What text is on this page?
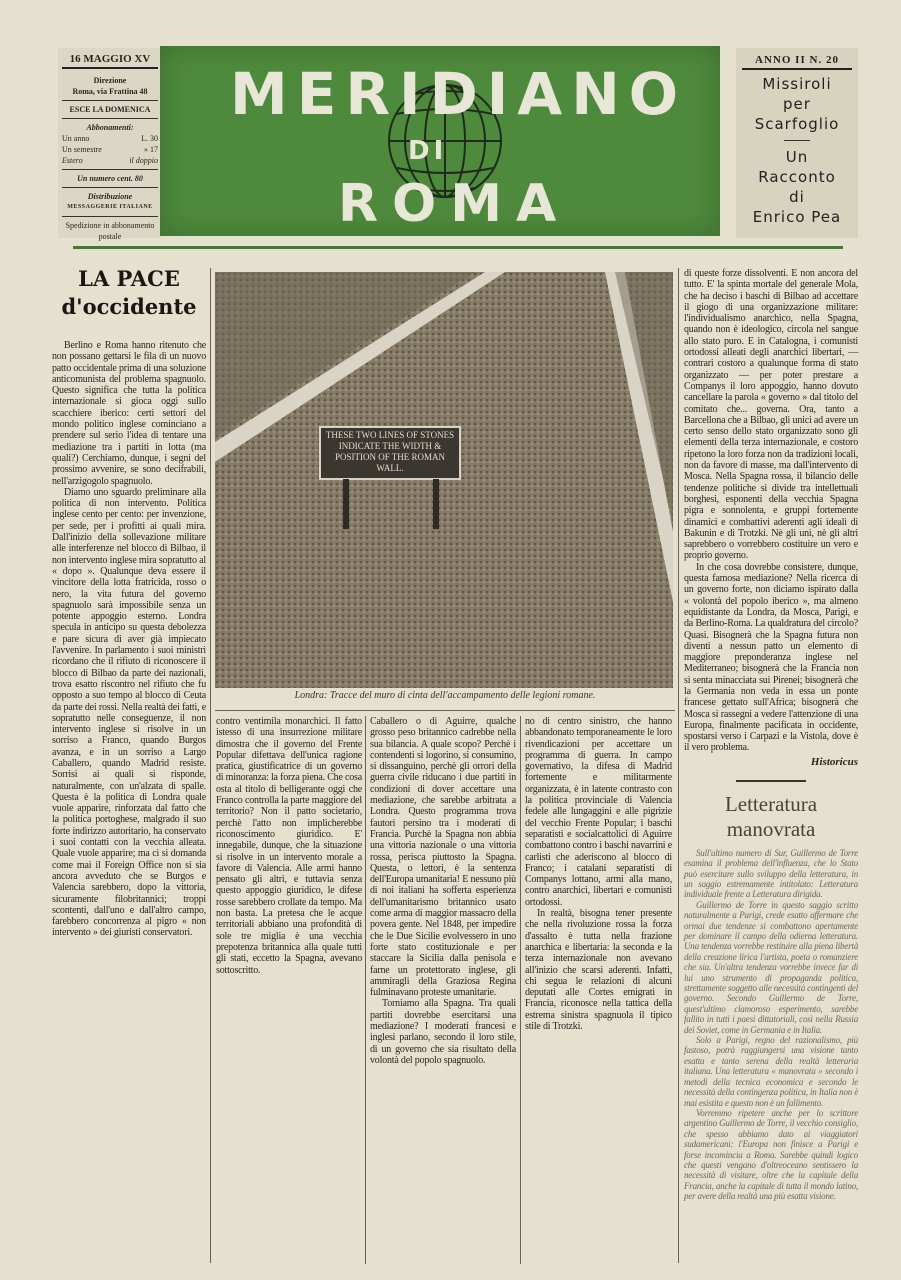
16 MAGGIO XV
Direzione
Roma, via Frattina 48
ESCE LA DOMENICA
Abbonamenti:
Un anno	L. 30
Un semestre	» 17
Estero	il doppio
Un numero cent. 80
Distribuzione
MESSAGGERIE ITALIANE
Spedizione in abbonamento postale
MERIDIANO
DI
ROMA
ANNO II N. 20
Missiroli
per
Scarfoglio
Un
Racconto
di
Enrico Pea
LA PACE
d'occidente

Berlino e Roma hanno ritenuto che non possano gettarsi le fila di un nuovo patto occidentale prima di una soluzione anticomunista del problema spagnuolo. Questo significa che tutta la politica internazionale si gioca oggi sullo scacchiere iberico: certi settori del mondo politico inglese cominciano a prendere sul serio l'idea di tentare una mediazione tra i partiti in lotta (ma quali?) Cerchiamo, dunque, i segni del prossimo avvenire, se sono decifrabili, nell'arzigogolo spagnuolo.

Diamo uno sguardo preliminare alla politica di non intervento. Politica inglese cento per cento: per invenzione, per sede, per i profitti ai quali mira. Dall'inizio della sollevazione militare alle interferenze nel blocco di Bilbao, il non intervento inglese mira sopratutto al « dopo ». Qualunque deva essere il vincitore della lotta fratricida, rosso o nero, la vita futura del governo spagnuolo sarà impossibile senza un potente appoggio esterno. Londra specula in anticipo su questa debolezza e pare sicura di aver già impiecato l'avvenire. In parlamento i suoi ministri ricordano che il rifiuto di riconoscere il blocco di Bilbao da parte dei nazionali, trova esatto riscontro nel rifiuto che fu opposto a suo tempo al blocco di Ceuta da parte dei rossi. Nella realtà dei fatti, e sopratutto nelle conseguenze, il non intervento inglese si risolve in un sorriso a Franco, quando Burgos avanza, e in un sorriso a Largo Caballero, quando Madrid resiste. Sorrisi ai quali si risponde, naturalmente, con un'alzata di spalle. Questa è la politica di Londra quale vuole apparire, rinforzata dal fatto che la politica portoghese, malgrado il suo forte indirizzo autoritario, ha conservato i suoi contatti con la vecchia alleata. Quale vuole apparire; ma ci si domanda come mai il Foreign Office non si sia ancora avveduto che se Burgos e Valencia sarebbero, dopo la vittoria, sicuramente filobritannici; troppi scontenti, dall'uno e dall'altro campo, farebbero concorrenza al pigro « non intervento » dei giuristi conservatori.

THESE TWO LINES OF STONES INDICATE THE WIDTH & POSITION OF THE ROMAN WALL.
Londra: Tracce del muro di cinta dell'accampamento delle legioni romane.

contro ventimila monarchici. Il fatto istesso di una insurrezione militare dimostra che il governo del Frente Popular difettava dell'unica ragione pratica, giustificatrice di un governo di minoranza: la forza piena. Che cosa osta al titolo di belligerante oggi che Franco controlla la parte maggiore del territorio? Non il patto societario, perchè l'atto non implicherebbe riconoscimento giuridico. E' innegabile, dunque, che la situazione si risolve in un intervento morale a favore di Valencia. Alle armi hanno pensato gli altri, e tuttavia senza questo appoggio giuridico, le difese rosse sarebbero crollate da tempo. Ma non basta. La pretesa che le acque territoriali abbiano una profondità di sole tre miglia è una vecchia prepotenza britannica alla quale tutti gli stati, eccetto la Spagna, avevano sottoscritto.

Caballero o di Aguirre, qualche grosso peso britannico cadrebbe nella sua bilancia. A quale scopo? Perchè i contendenti si logorino, si consumino, si dissanguino, perchè gli orrori della guerra civile riducano i due partiti in condizioni di dover accettare una mediazione, che sarebbe arbitrata a Londra. Questo programma trova fautori persino tra i moderati di Francia. Purchè la Spagna non abbia una vittoria nazionale o una vittoria rossa, perisca piuttosto la Spagna. Questa, o lettori, è la sentenza dell'Europa umanitaria! E nessuno più di noi italiani ha sofferta esperienza dell'umanitarismo britannico usato come arma di maggior massacro della povera gente. Nel 1848, per impedire che le Due Sicilie evolvessero in uno forte stato costituzionale e per staccare la Sicilia dalla penisola e farne un protettorato inglese, gli ammiragli della Graziosa Regina fulminavano proteste umanitarie.

Torniamo alla Spagna. Tra quali partiti dovrebbe esercitarsi una mediazione? I moderati francesi e inglesi parlano, secondo il loro stile, di un governo che sia risultato della volontà del popolo spagnuolo.

no di centro sinistro, che hanno abbandonato temporaneamente le loro rivendicazioni per accettare un programma di guerra. In campo governativo, la difesa di Madrid fortemente e militarmente organizzata, è in latente contrasto con la politica provinciale di Valencia fedele alle lungaggini e alle pigrizie del vecchio Frente Popular; i baschi separatisti e socialcattolici di Aguirre combattono contro i baschi navarrini e carlisti che aderiscono al blocco di Franco; i catalani separatisti di Companys lottano, armi alla mano, contro anarchici, libertari e comunisti ortodossi.

In realtà, bisogna tener presente che nella rivoluzione rossa la forza d'assalto è tutta nella frazione anarchica e libertaria: la seconda e la terza internazionale non avevano all'inizio che scarsi aderenti. Infatti, chi segua le relazioni di alcuni deputati alle Cortes emigrati in Francia, riconosce nella tattica della estrema sinistra spagnuola il tipico stile di Trotzki.

di queste forze dissolventi. E non ancora del tutto. E' la spinta mortale del generale Mola, che ha deciso i baschi di Bilbao ad accettare il giogo di una organizzazione militare: l'individualismo anarchico, nella Spagna, quando non è ideologico, circola nel sangue allo stato puro. E in Catalogna, i comunisti ortodossi alleati degli anarchici libertari, — contrari costoro a qualunque forma di stato organizzato — per poter prestare a Companys il loro appoggio, hanno dovuto cancellare la parola « governo » dal titolo del comitato che... governa. Ora, tanto a Barcellona che a Bilbao, gli unici ad avere un certo senso dello stato organizzato sono gli elementi della terza internazionale, e costoro ripetono la loro forza non da tradizioni locali, non da favore di masse, ma dall'intervento di Mosca. Nella Spagna rossa, il bilancio delle tendenze politiche si divide tra intellettuali borghesi, esponenti della vecchia Spagna pigra e sonnolenta, e gruppi fortemente dinamici e combattivi aderenti agli ideali di Bakunin e di Trotzki. Nè gli uni, nè gli altri saprebbero o vorrebbero costituire un vero e proprio governo.

In che cosa dovrebbe consistere, dunque, questa famosa mediazione? Nella ricerca di un governo forte, non diciamo ispirato dalla « volontà del popolo iberico », ma almeno equidistante da Londra, da Mosca, Parigi, e da Berlino-Roma. La qualdratura del circolo? Quasi. Bisognerà che la Spagna futura non diventi a nessun patto un elemento di maggiore preponderanza inglese nel Mediterraneo; bisognerà che la Francia non si senta minacciata sui Pirenei; bisognerà che la Germania non veda in essa un ponte francese gettato sull'Africa; bisognerà che Mosca si rassegni a vedere l'attenzione di una Europa, finalmente pacificata in occidente, spostarsi verso i Carpazi e la Vistola, dove è il vero problema.

Historicus
Letteratura
manovrata

Sull'ultimo numero di Sur, Guillermo de Torre esamina il problema dell'influenza, che lo Stato può esercitare sullo sviluppo della letteratura, in un saggio estremamente intitolato: Letteratura individuale frente a Letteratura dirigida.

Guillermo de Torre in questo saggio scritto naturalmente a Parigi, crede esatto affermare che ormai due tendenze si combattono apertamente per dominare il campo della odierna letteratura. Una tendenza vorrebbe restituire alla piena libertà della creazione lirica l'artista, poeta o romanziere che sia. Un'altra tendenza vorrebbe invece far di lui uno strumento di propaganda politica, strettamente soggetto alle necessità contingenti del governo. Secondo Guillermo de Torre, quest'ultimo clamoroso esperimento, sarebbe fallito in tutti i paesi dittatoriali, così nella Russia dei Soviet, come in Germania e in Italia.

Solo a Parigi, regno del razionalismo, più fastoso, potrà raggiungersi una visione tanto esatta e tanto serena della realtà letteraria italiana. Una letteratura « manovrata » secondo i metodi della tecnica economica e secondo le necessità della contingenza politica, in Italia non è mai esistita e questo non è un fallimento.

Vorremmo ripetere anche per lo scrittore argentino Guillermo de Torre, il vecchio consiglio, che spesso abbiamo dato ai viaggiatori sudamericani: l'Europa non finisce a Parigi e forse incomincia a Roma. Sarebbe quindi logico che questi vengano d'oltreoceano sentissero la necessità di visitare, oltre che la capitale della Francia, anche la capitale di tutta il mondo latino, per avere della realtà una più esatta visione.
